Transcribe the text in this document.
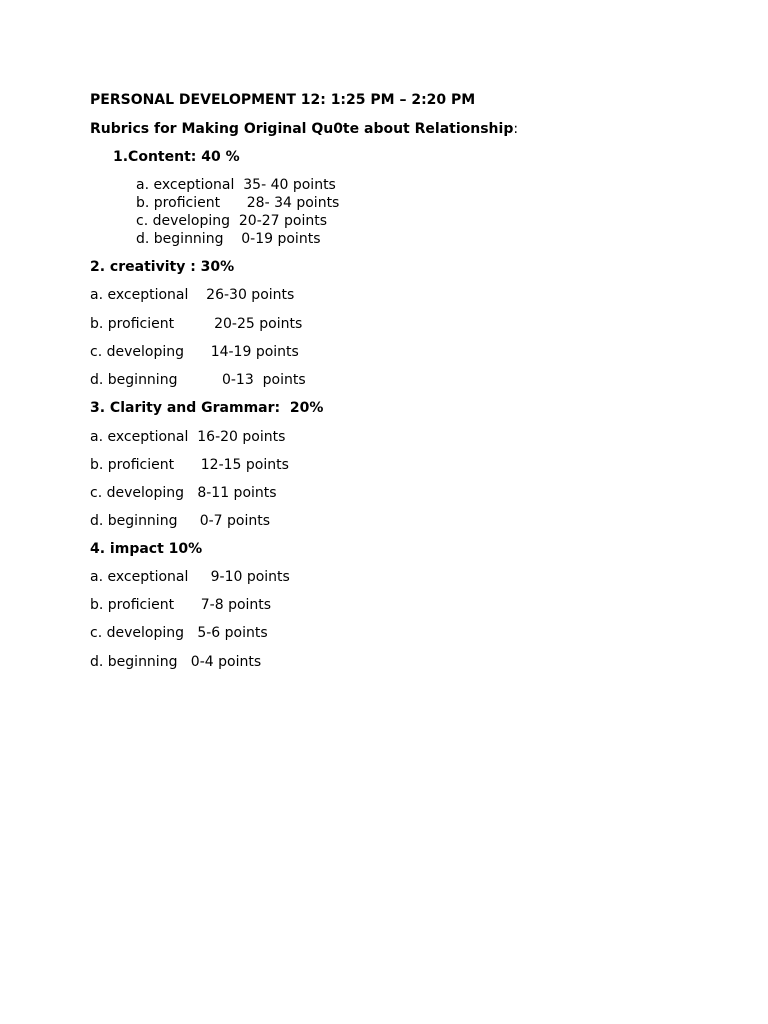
PERSONAL DEVELOPMENT 12: 1:25 PM – 2:20 PM
Rubrics for Making Original Qu0te about Relationship:
1.Content: 40 %
a. exceptional  35- 40 points
b. proficient      28- 34 points
c. developing  20-27 points
d. beginning    0-19 points
2. creativity : 30%
a. exceptional    26-30 points
b. proficient         20-25 points
c. developing      14-19 points
d. beginning          0-13  points
3. Clarity and Grammar:  20%
a. exceptional  16-20 points
b. proficient      12-15 points
c. developing   8-11 points
d. beginning     0-7 points
4. impact 10%
a. exceptional     9-10 points
b. proficient      7-8 points
c. developing   5-6 points
d. beginning   0-4 points
